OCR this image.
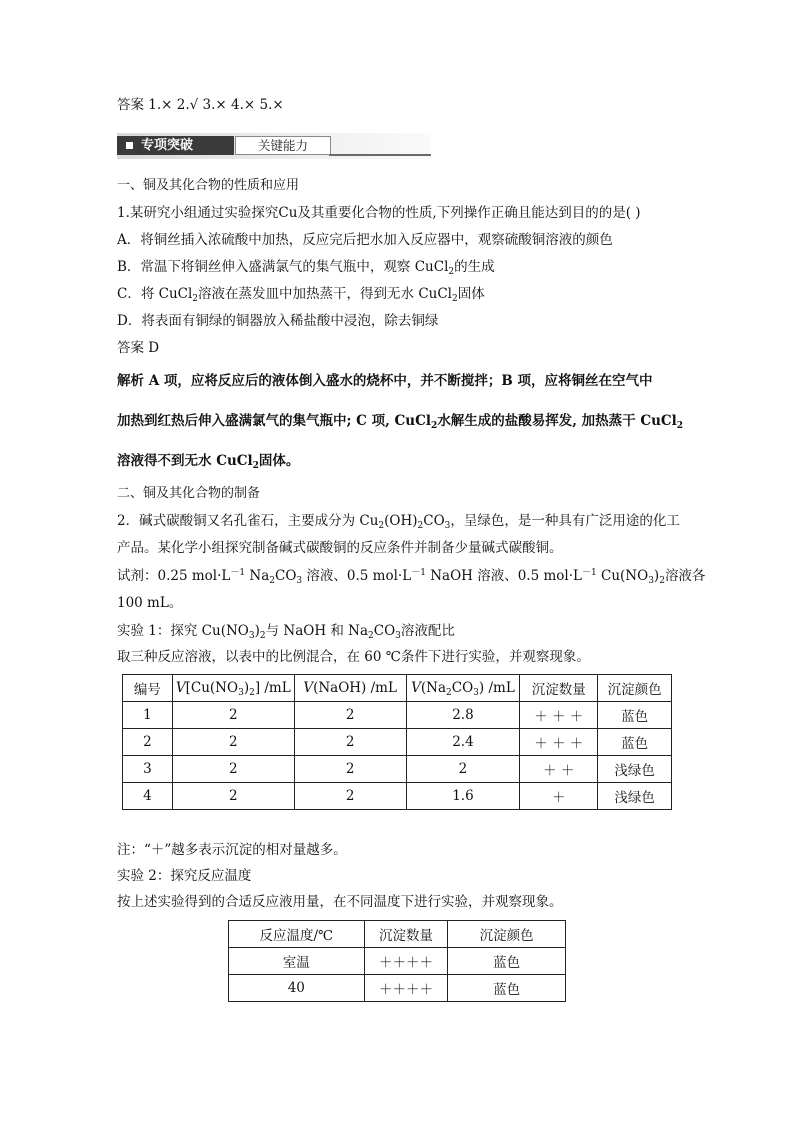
答案 1.× 2.√ 3.× 4.× 5.×
专项突破	关键能力
一、铜及其化合物的性质和应用
1.某研究小组通过实验探究Cu及其重要化合物的性质,下列操作正确且能达到目的的是( )
A．将铜丝插入浓硫酸中加热，反应完后把水加入反应器中，观察硫酸铜溶液的颜色
B．常温下将铜丝伸入盛满氯气的集气瓶中，观察 CuCl$_2$的生成
C．将 CuCl$_2$溶液在蒸发皿中加热蒸干，得到无水 CuCl$_2$固体
D．将表面有铜绿的铜器放入稀盐酸中浸泡，除去铜绿
答案 D
解析 A 项，应将反应后的液体倒入盛水的烧杯中，并不断搅拌；B 项，应将铜丝在空气中
加热到红热后伸入盛满氯气的集气瓶中; C 项, CuCl$_2$水解生成的盐酸易挥发, 加热蒸干 CuCl$_2$
溶液得不到无水 CuCl$_2$固体。
二、铜及其化合物的制备
2．碱式碳酸铜又名孔雀石，主要成分为 $Cu_2(OH)_2CO_3$，呈绿色，是一种具有广泛用途的化工
产品。某化学小组探究制备碱式碳酸铜的反应条件并制备少量碱式碳酸铜。
试剂：0.25 $mol\cdot L^{-1}$ $Na_2CO_3$ 溶液、0.5 $mol\cdot L^{-1}$ NaOH 溶液、0.5 $mol\cdot L^{-1}$ $Cu(NO_3)_2$溶液各
100 mL。
实验 1：探究 $Cu(NO_3)_2$与 NaOH 和 $Na_2CO_3$溶液配比
取三种反应溶液，以表中的比例混合，在 60 ℃条件下进行实验，并观察现象。
编号	$V[Cu(NO_3)_2]$ /mL	V(NaOH) /mL	$V(Na_2CO_3)$ /mL	沉淀数量	沉淀颜色
1	2	2	2.8	＋ ＋ ＋	蓝色
2	2	2	2.4	＋ ＋ ＋	蓝色
3	2	2	2	＋ ＋	浅绿色
4	2	2	1.6	＋	浅绿色
注：“＋”越多表示沉淀的相对量越多。
实验 2：探究反应温度
按上述实验得到的合适反应液用量，在不同温度下进行实验，并观察现象。
反应温度/℃	沉淀数量	沉淀颜色
室温	＋＋＋＋	蓝色
40	＋＋＋＋	蓝色
